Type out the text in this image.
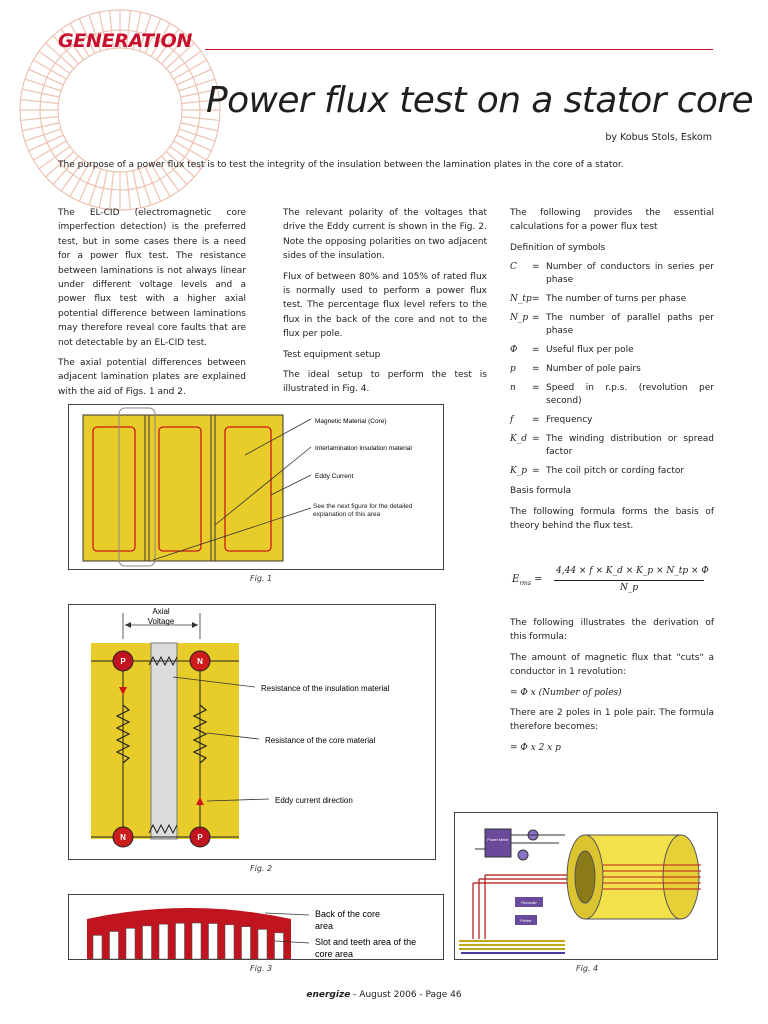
GENERATION
Power flux test on a stator core
by Kobus Stols, Eskom
The purpose of a power flux test is to test the integrity of the insulation between the lamination plates in the core of a stator.

The EL-CID (electromagnetic core imperfection detection) is the preferred test, but in some cases there is a need for a power flux test. The resistance between laminations is not always linear under different voltage levels and a power flux test with a higher axial potential difference between laminations may therefore reveal core faults that are not detectable by an EL-CID test.

The axial potential differences between adjacent lamination plates are explained with the aid of Figs. 1 and 2.

The relevant polarity of the voltages that drive the Eddy current is shown in the Fig. 2. Note the opposing polarities on two adjacent sides of the insulation.

Flux of between 80% and 105% of rated flux is normally used to perform a power flux test. The percentage flux level refers to the flux in the back of the core and not to the flux per pole.

Test equipment setup

The ideal setup to perform the test is illustrated in Fig. 4.

The following provides the essential calculations for a power flux test

Definition of symbols

C	= Number of conductors in series per phase
N_tp = The number of turns per phase
N_p = The number of parallel paths per phase
Φ	= Useful flux per pole
p	= Number of pole pairs
n	= Speed in r.p.s. (revolution per second)
f	= Frequency
K_d = The winding distribution or spread factor
K_p = The coil pitch or cording factor

Basis formula

The following formula forms the basis of theory behind the flux test.

$E_{rms}$ =
4,44 × f × K_d × K_p × N_tp × Φ
N_p

The following illustrates the derivation of this formula:

The amount of magnetic flux that "cuts" a conductor in 1 revolution:

= Φ x (Number of poles)

There are 2 poles in 1 pole pair. The formula therefore becomes:

= Φ x 2 x p

Magnetic Material (Core)
Interlamination insulation material
Eddy Current
See the next figure for the detailed explanation of this area
Fig. 1
Axial
Voltage
P	N
N	P
Resistance of the insulation material
Resistance of the core material
Eddy current direction
Fig. 2
Back of the core
area
Slot and teeth area of the
core area
Fig. 3
Power Meter
Recorder
Printer
Fig. 4
energize - August 2006 - Page 46
